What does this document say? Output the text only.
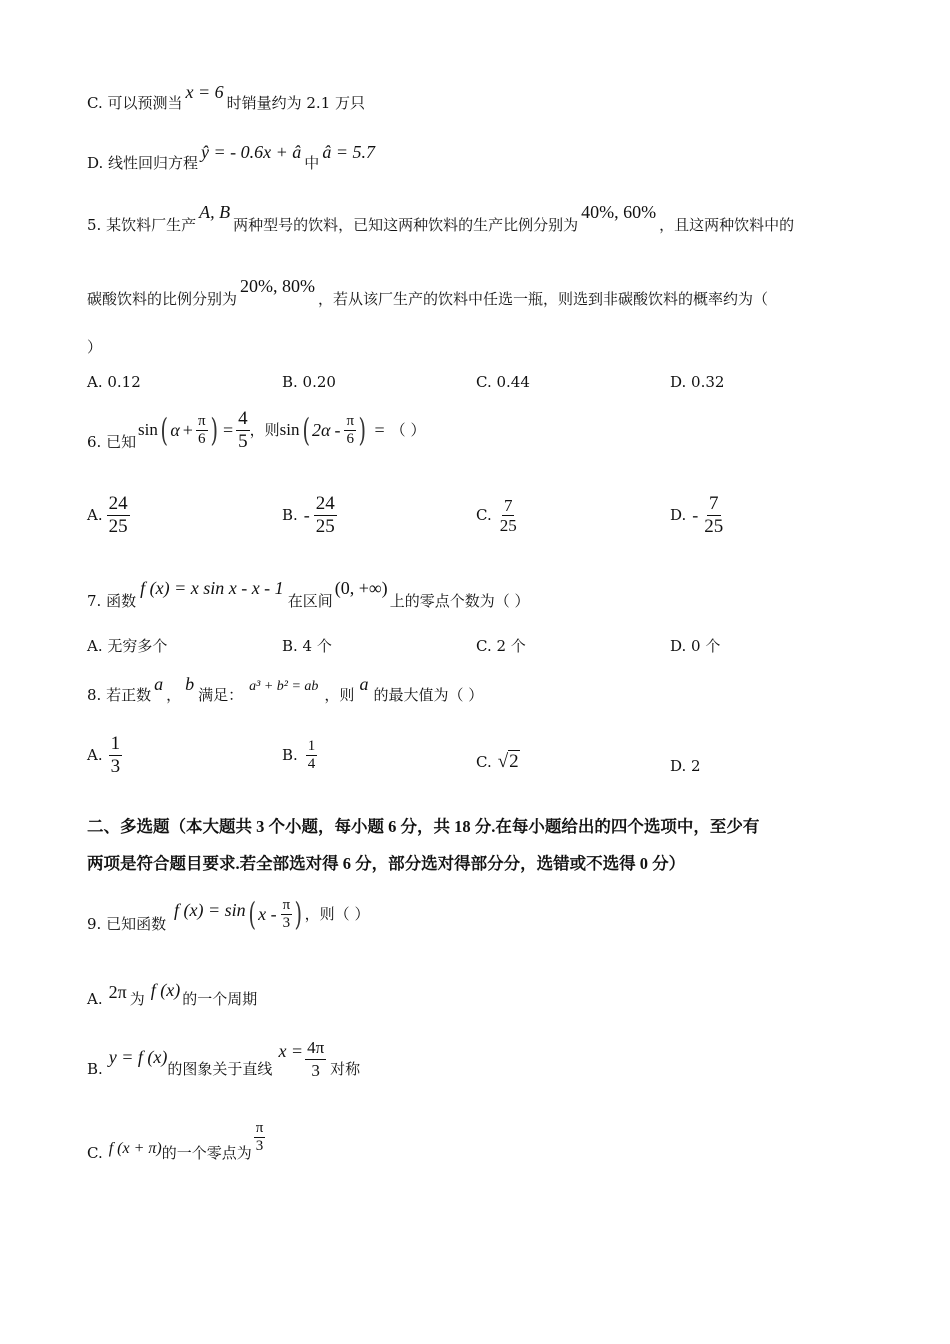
C. 可以预测当x = 6时销量约为 2.1 万只
D. 线性回归方程ŷ = - 0.6x + â中â = 5.7
5. 某饮料厂生产A, B两种型号的饮料，已知这两种饮料的生产比例分别为40%, 60%，且这两种饮料中的
碳酸饮料的比例分别为20%, 80%，若从该厂生产的饮料中任选一瓶，则选到非碳酸饮料的概率约为（
）
A. 0.12	B. 0.20	C. 0.44	D. 0.32
6. 已知
sin ( $\alpha + \frac{\pi}{6}$ ) = $\frac{4}{5}$ ，则 sin ( $2\alpha - \frac{\pi}{6}$ ) = （ ）
A. $\frac{24}{25}$	B. - $\frac{24}{25}$	C. $\frac{7}{25}$	D. - $\frac{7}{25}$
7. 函数f (x) = x sin x - x - 1在区间(0, +∞)上的零点个数为（ ）
A. 无穷多个	B. 4 个	C. 2 个	D. 0 个
8. 若正数a，b满足： a³ + b² = ab ，则a的最大值为（ ）
A. $\frac{1}{3}$	B. $\frac{1}{4}$	C. √2	D. 2
二、多选题（本大题共 3 个小题，每小题 6 分，共 18 分.在每小题给出的四个选项中，至少有
两项是符合题目要求.若全部选对得 6 分，部分选对得部分分，选错或不选得 0 分）
9. 已知函数
f (x) = sin ( x - $\frac{\pi}{3}$ ) ，则（ ）
A. 2π 为 f (x) 的一个周期
B.
y = f (x)
的图象关于直线
$x = \frac{4\pi}{3}$ 对称
C. f (x + π) 的一个零点为 $\frac{\pi}{3}$
